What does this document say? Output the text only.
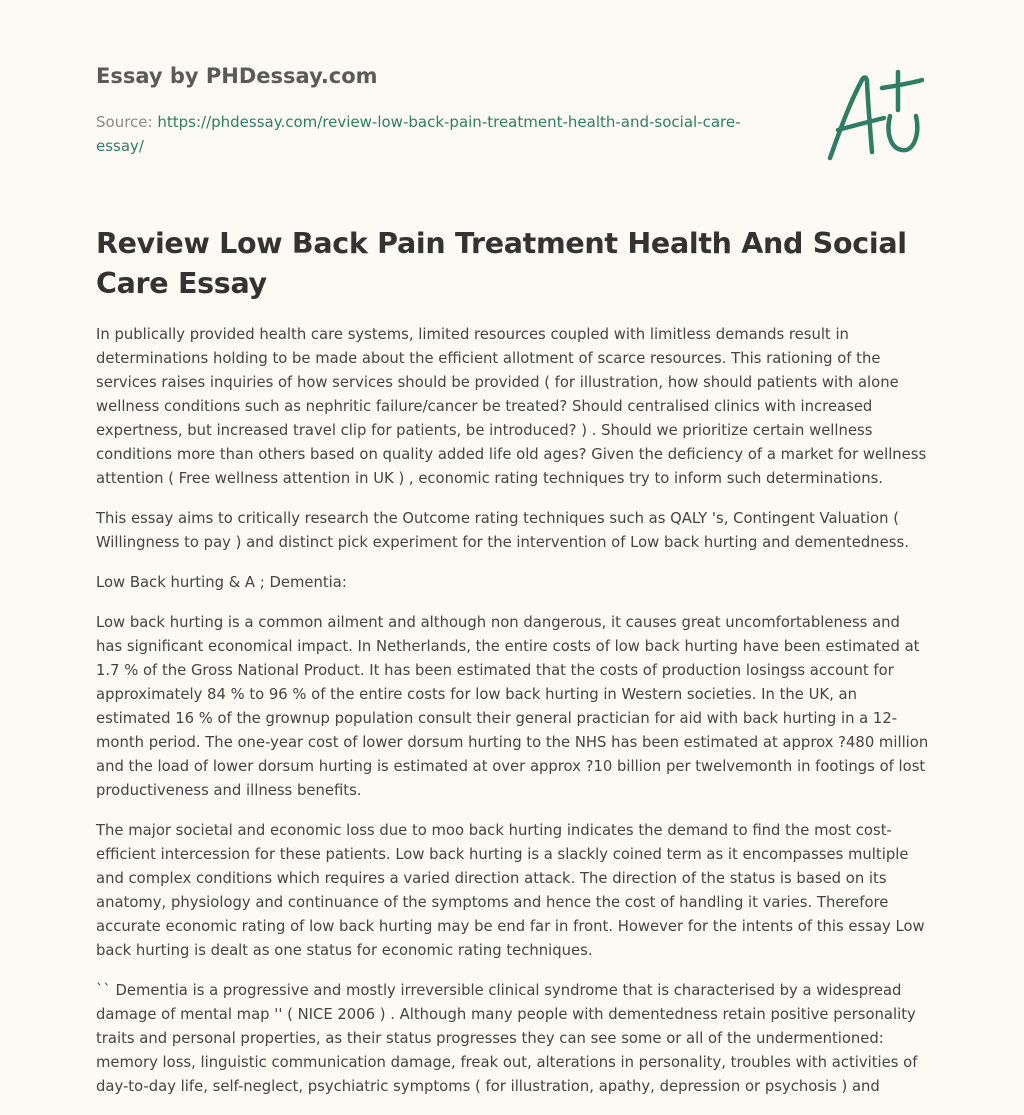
Essay by PHDessay.com
Source: https://phdessay.com/review-low-back-pain-treatment-health-and-social-care-essay/
Review Low Back Pain Treatment Health And Social Care Essay

In publically provided health care systems, limited resources coupled with limitless demands result in determinations holding to be made about the efficient allotment of scarce resources. This rationing of the services raises inquiries of how services should be provided ( for illustration, how should patients with alone wellness conditions such as nephritic failure/cancer be treated? Should centralised clinics with increased expertness, but increased travel clip for patients, be introduced? ) . Should we prioritize certain wellness conditions more than others based on quality added life old ages? Given the deficiency of a market for wellness attention ( Free wellness attention in UK ) , economic rating techniques try to inform such determinations.

This essay aims to critically research the Outcome rating techniques such as QALY 's, Contingent Valuation ( Willingness to pay ) and distinct pick experiment for the intervention of Low back hurting and dementedness.

Low Back hurting & A ; Dementia:

Low back hurting is a common ailment and although non dangerous, it causes great uncomfortableness and has significant economical impact. In Netherlands, the entire costs of low back hurting have been estimated at 1.7 % of the Gross National Product. It has been estimated that the costs of production losingss account for approximately 84 % to 96 % of the entire costs for low back hurting in Western societies. In the UK, an estimated 16 % of the grownup population consult their general practician for aid with back hurting in a 12-month period. The one-year cost of lower dorsum hurting to the NHS has been estimated at approx ?480 million and the load of lower dorsum hurting is estimated at over approx ?10 billion per twelvemonth in footings of lost productiveness and illness benefits.

The major societal and economic loss due to moo back hurting indicates the demand to find the most cost-efficient intercession for these patients. Low back hurting is a slackly coined term as it encompasses multiple and complex conditions which requires a varied direction attack. The direction of the status is based on its anatomy, physiology and continuance of the symptoms and hence the cost of handling it varies. Therefore accurate economic rating of low back hurting may be end far in front. However for the intents of this essay Low back hurting is dealt as one status for economic rating techniques.

`` Dementia is a progressive and mostly irreversible clinical syndrome that is characterised by a widespread damage of mental map '' ( NICE 2006 ) . Although many people with dementedness retain positive personality traits and personal properties, as their status progresses they can see some or all of the undermentioned: memory loss, linguistic communication damage, freak out, alterations in personality, troubles with activities of day-to-day life, self-neglect, psychiatric symptoms ( for illustration, apathy, depression or psychosis ) and
